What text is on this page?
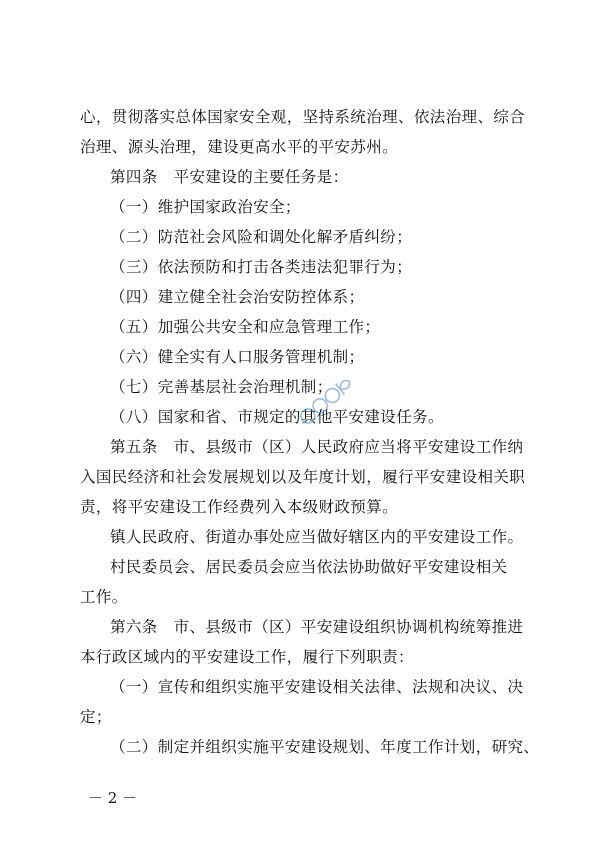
心，贯彻落实总体国家安全观，坚持系统治理、依法治理、综合
治理、源头治理，建设更高水平的平安苏州。
第四条　平安建设的主要任务是：
（一）维护国家政治安全；
（二）防范社会风险和调处化解矛盾纠纷；
（三）依法预防和打击各类违法犯罪行为；
（四）建立健全社会治安防控体系；
（五）加强公共安全和应急管理工作；
（六）健全实有人口服务管理机制；
（七）完善基层社会治理机制；
（八）国家和省、市规定的其他平安建设任务。
第五条　市、县级市（区）人民政府应当将平安建设工作纳
入国民经济和社会发展规划以及年度计划，履行平安建设相关职
责，将平安建设工作经费列入本级财政预算。
镇人民政府、街道办事处应当做好辖区内的平安建设工作。
村民委员会、居民委员会应当依法协助做好平安建设相关
工作。
第六条　市、县级市（区）平安建设组织协调机构统筹推进
本行政区域内的平安建设工作，履行下列职责：
（一）宣传和组织实施平安建设相关法律、法规和决议、决
定；
（二）制定并组织实施平安建设规划、年度工作计划，研究、
－ 2 －
